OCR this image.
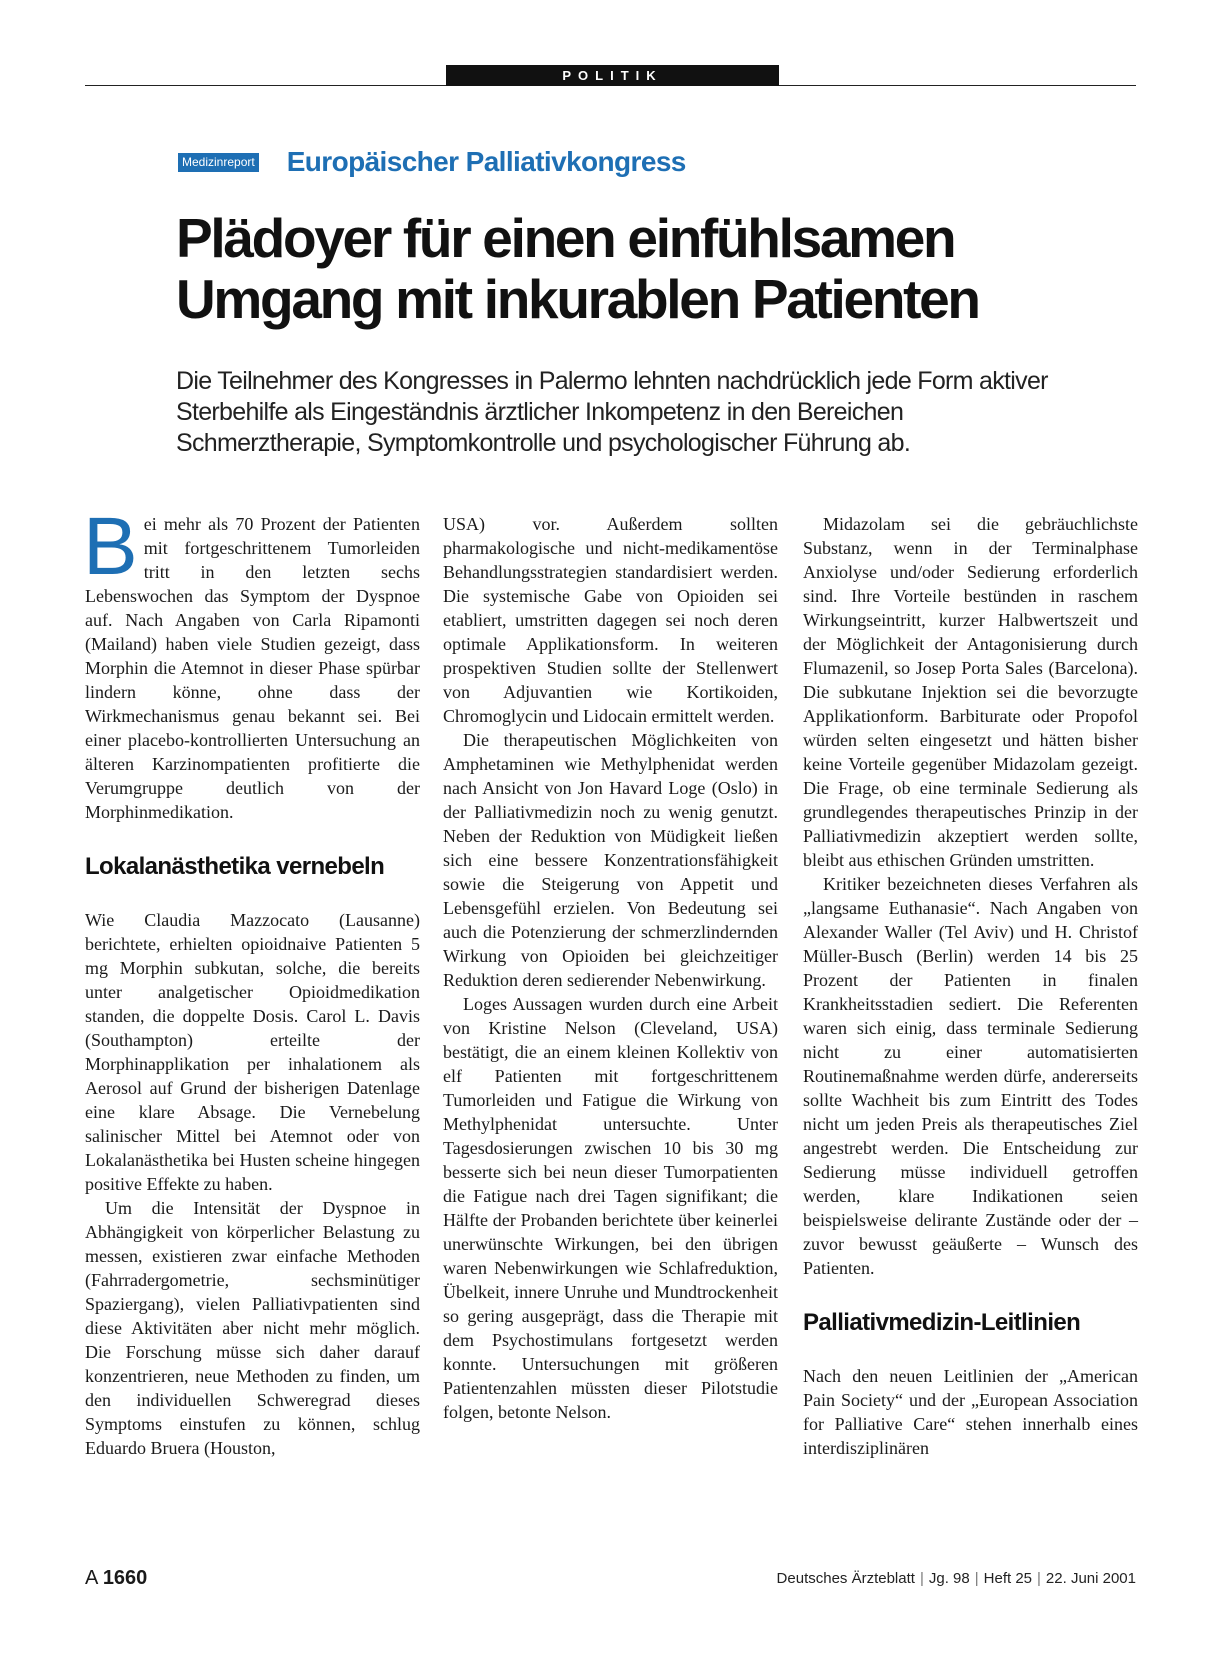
POLITIK
Medizinreport Europäischer Palliativkongress
Plädoyer für einen einfühlsamen
Umgang mit inkurablen Patienten

Die Teilnehmer des Kongresses in Palermo lehnten nachdrücklich jede Form aktiver Sterbehilfe als Eingeständnis ärztlicher Inkompetenz in den Bereichen Schmerztherapie, Symptomkontrolle und psychologischer Führung ab.

Bei mehr als 70 Prozent der Patienten mit fortgeschrittenem Tumorleiden tritt in den letzten sechs Lebenswochen das Symptom der Dyspnoe auf. Nach Angaben von Carla Ripamonti (Mailand) haben viele Studien gezeigt, dass Morphin die Atemnot in dieser Phase spürbar lindern könne, ohne dass der Wirkmechanismus genau bekannt sei. Bei einer placebo-kontrollierten Untersuchung an älteren Karzinompatienten profitierte die Verumgruppe deutlich von der Morphinmedikation.

Lokalanästhetika vernebeln

Wie Claudia Mazzocato (Lausanne) berichtete, erhielten opioidnaive Patienten 5 mg Morphin subkutan, solche, die bereits unter analgetischer Opioidmedikation standen, die doppelte Dosis. Carol L. Davis (Southampton) erteilte der Morphinapplikation per inhalationem als Aerosol auf Grund der bisherigen Datenlage eine klare Absage. Die Vernebelung salinischer Mittel bei Atemnot oder von Lokalanästhetika bei Husten scheine hingegen positive Effekte zu haben.

Um die Intensität der Dyspnoe in Abhängigkeit von körperlicher Belastung zu messen, existieren zwar einfache Methoden (Fahrradergometrie, sechsminütiger Spaziergang), vielen Palliativpatienten sind diese Aktivitäten aber nicht mehr möglich. Die Forschung müsse sich daher darauf konzentrieren, neue Methoden zu finden, um den individuellen Schweregrad dieses Symptoms einstufen zu können, schlug Eduardo Bruera (Houston,

USA) vor. Außerdem sollten pharmakologische und nicht-medikamentöse Behandlungsstrategien standardisiert werden. Die systemische Gabe von Opioiden sei etabliert, umstritten dagegen sei noch deren optimale Applikationsform. In weiteren prospektiven Studien sollte der Stellenwert von Adjuvantien wie Kortikoiden, Chromoglycin und Lidocain ermittelt werden.

Die therapeutischen Möglichkeiten von Amphetaminen wie Methylphenidat werden nach Ansicht von Jon Havard Loge (Oslo) in der Palliativmedizin noch zu wenig genutzt. Neben der Reduktion von Müdigkeit ließen sich eine bessere Konzentrationsfähigkeit sowie die Steigerung von Appetit und Lebensgefühl erzielen. Von Bedeutung sei auch die Potenzierung der schmerzlindernden Wirkung von Opioiden bei gleichzeitiger Reduktion deren sedierender Nebenwirkung.

Loges Aussagen wurden durch eine Arbeit von Kristine Nelson (Cleveland, USA) bestätigt, die an einem kleinen Kollektiv von elf Patienten mit fortgeschrittenem Tumorleiden und Fatigue die Wirkung von Methylphenidat untersuchte. Unter Tagesdosierungen zwischen 10 bis 30 mg besserte sich bei neun dieser Tumorpatienten die Fatigue nach drei Tagen signifikant; die Hälfte der Probanden berichtete über keinerlei unerwünschte Wirkungen, bei den übrigen waren Nebenwirkungen wie Schlafreduktion, Übelkeit, innere Unruhe und Mundtrockenheit so gering ausgeprägt, dass die Therapie mit dem Psychostimulans fortgesetzt werden konnte. Untersuchungen mit größeren Patientenzahlen müssten dieser Pilotstudie folgen, betonte Nelson.

Midazolam sei die gebräuchlichste Substanz, wenn in der Terminalphase Anxiolyse und/oder Sedierung erforderlich sind. Ihre Vorteile bestünden in raschem Wirkungseintritt, kurzer Halbwertszeit und der Möglichkeit der Antagonisierung durch Flumazenil, so Josep Porta Sales (Barcelona). Die subkutane Injektion sei die bevorzugte Applikationform. Barbiturate oder Propofol würden selten eingesetzt und hätten bisher keine Vorteile gegenüber Midazolam gezeigt. Die Frage, ob eine terminale Sedierung als grundlegendes therapeutisches Prinzip in der Palliativmedizin akzeptiert werden sollte, bleibt aus ethischen Gründen umstritten.

Kritiker bezeichneten dieses Verfahren als „langsame Euthanasie“. Nach Angaben von Alexander Waller (Tel Aviv) und H. Christof Müller-Busch (Berlin) werden 14 bis 25 Prozent der Patienten in finalen Krankheitsstadien sediert. Die Referenten waren sich einig, dass terminale Sedierung nicht zu einer automatisierten Routinemaßnahme werden dürfe, andererseits sollte Wachheit bis zum Eintritt des Todes nicht um jeden Preis als therapeutisches Ziel angestrebt werden. Die Entscheidung zur Sedierung müsse individuell getroffen werden, klare Indikationen seien beispielsweise delirante Zustände oder der – zuvor bewusst geäußerte – Wunsch des Patienten.

Palliativmedizin-Leitlinien

Nach den neuen Leitlinien der „American Pain Society“ und der „European Association for Palliative Care“ stehen innerhalb eines interdisziplinären

A 1660	Deutsches Ärzteblatt | Jg. 98 | Heft 25 | 22. Juni 2001
